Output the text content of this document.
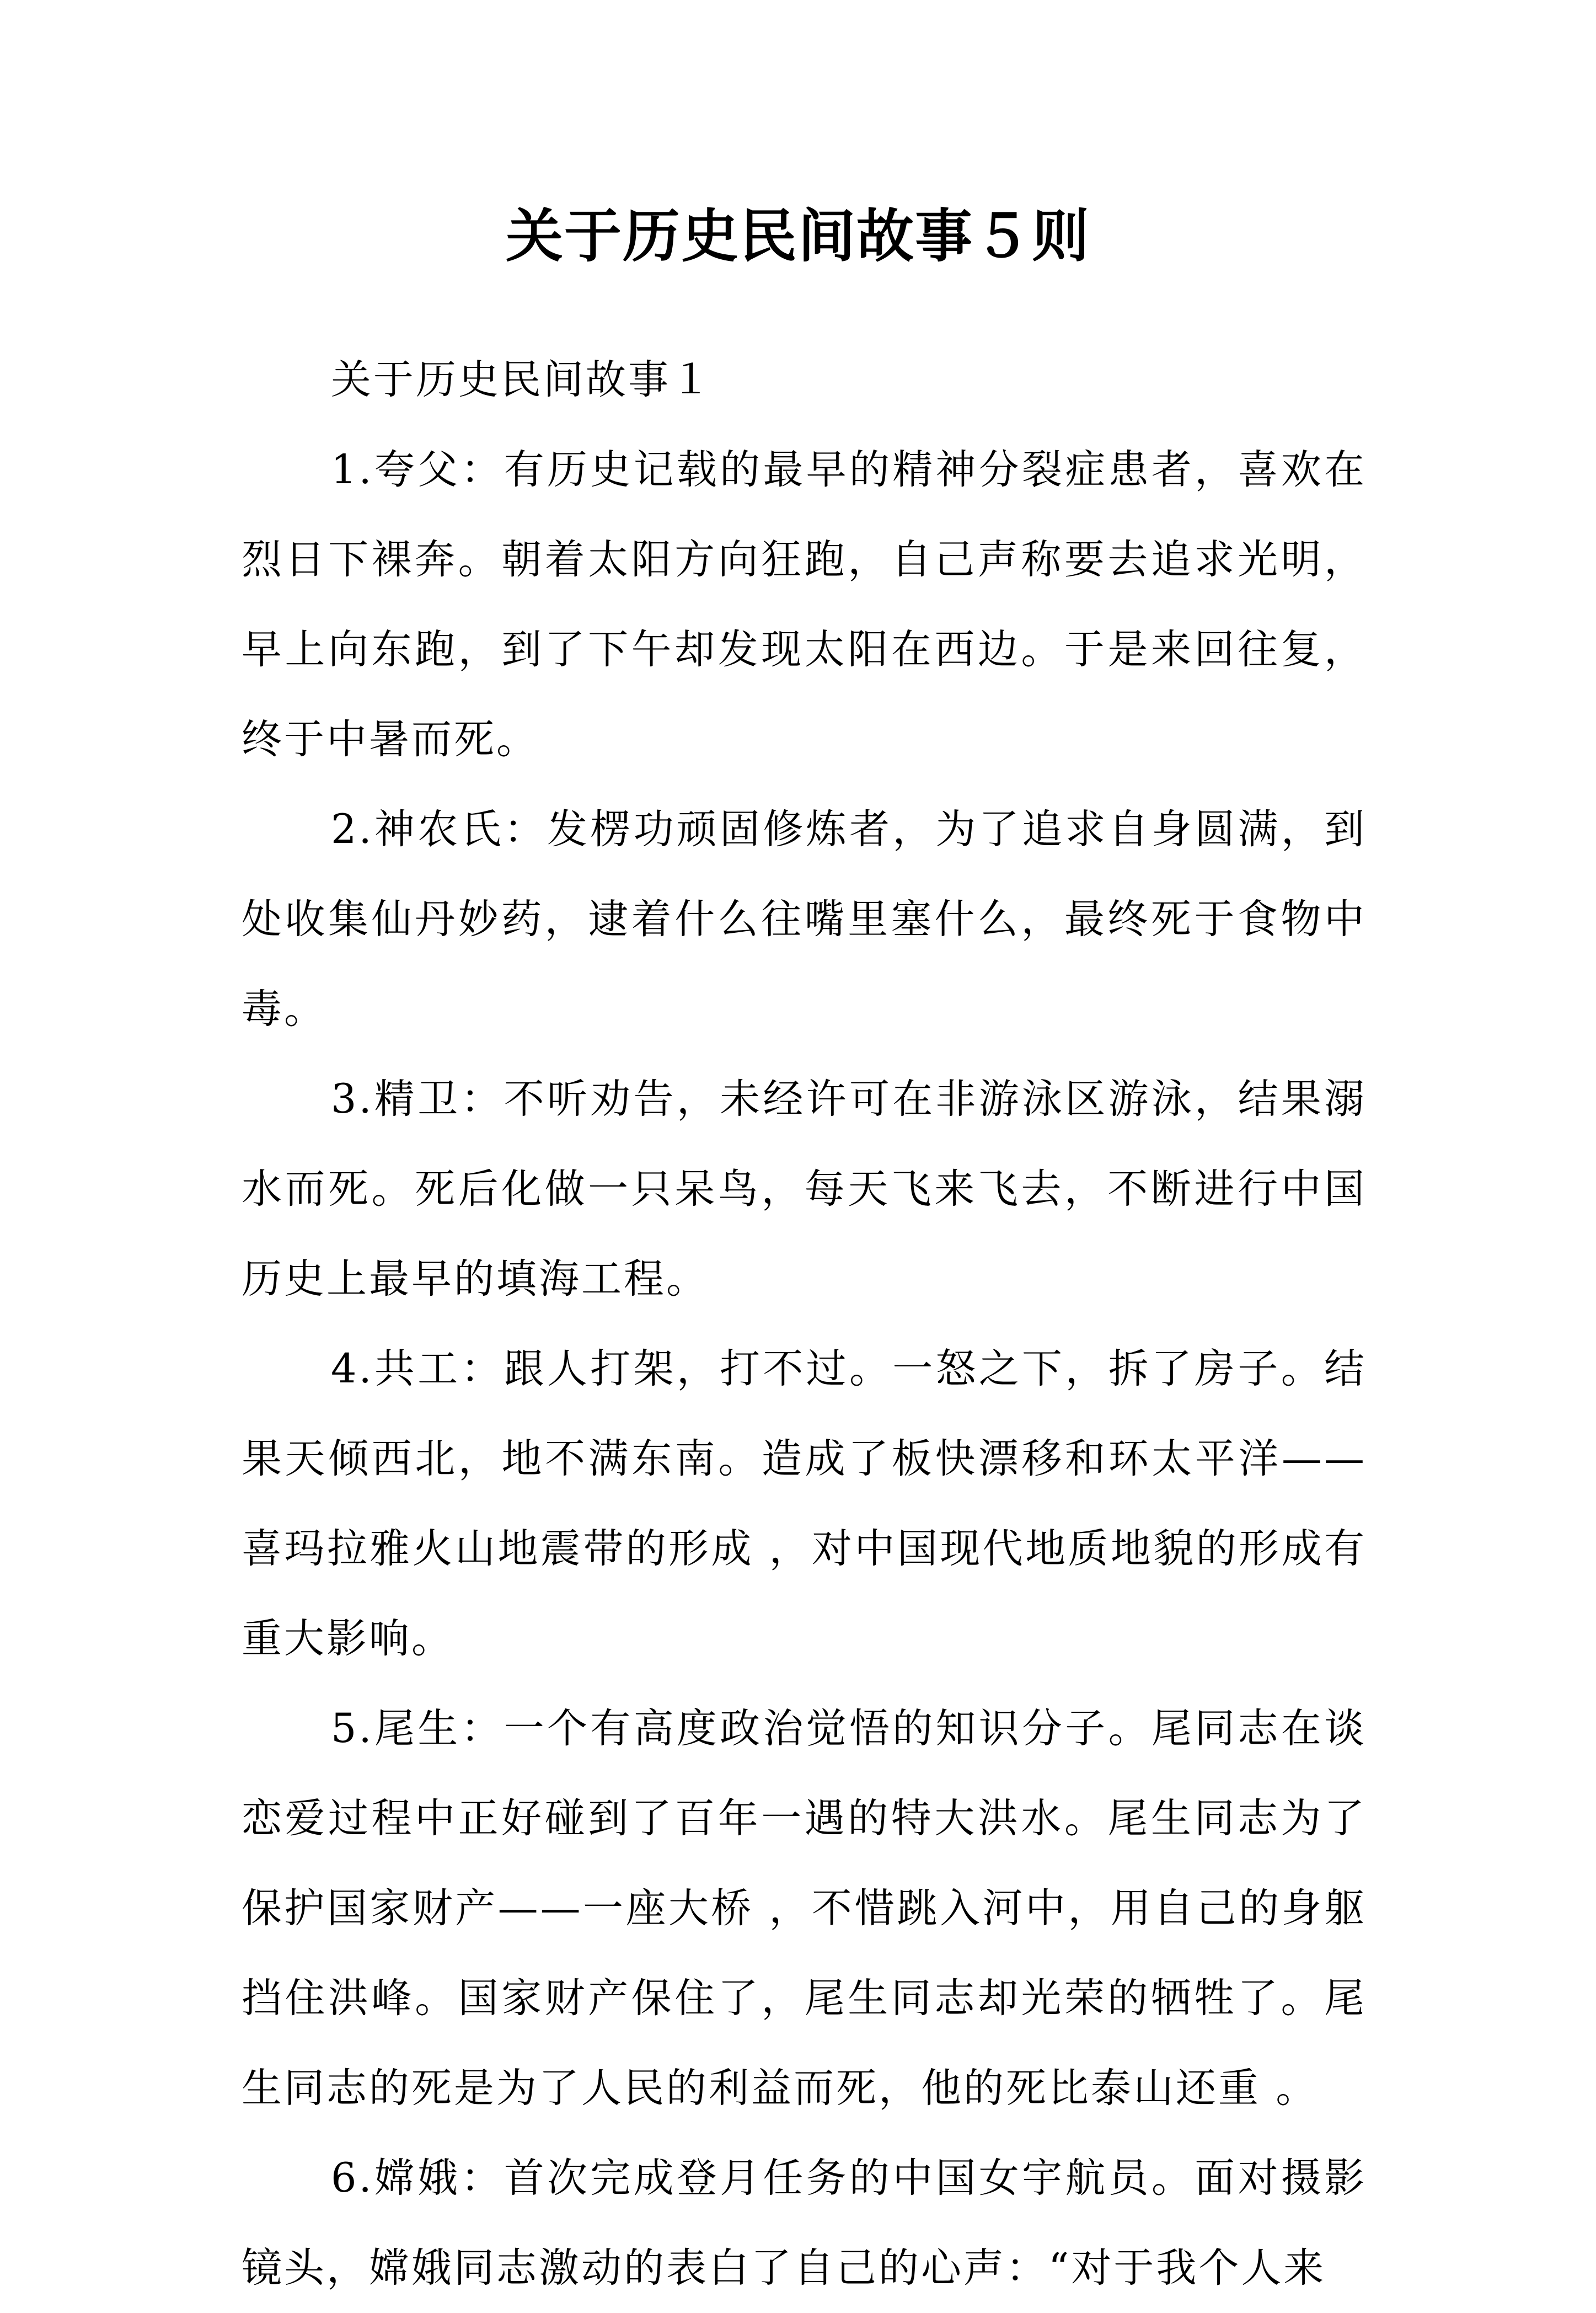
关于历史民间故事５则

关于历史民间故事１

1.夸父：有历史记载的最早的精神分裂症患者，喜欢在烈日下裸奔。朝着太阳方向狂跑，自己声称要去追求光明，早上向东跑，到了下午却发现太阳在西边。于是来回往复，终于中暑而死。

2.神农氏：发楞功顽固修炼者，为了追求自身圆满，到处收集仙丹妙药，逮着什么往嘴里塞什么，最终死于食物中毒。

3.精卫：不听劝告，未经许可在非游泳区游泳，结果溺水而死。死后化做一只呆鸟，每天飞来飞去，不断进行中国历史上最早的填海工程。

4.共工：跟人打架，打不过。一怒之下，拆了房子。结果天倾西北，地不满东南。造成了板快漂移和环太平洋——喜玛拉雅火山地震带的形成 ，对中国现代地质地貌的形成有重大影响。

5.尾生：一个有高度政治觉悟的知识分子。尾同志在谈恋爱过程中正好碰到了百年一遇的特大洪水。尾生同志为了保护国家财产——一座大桥 ，不惜跳入河中，用自己的身躯挡住洪峰。国家财产保住了，尾生同志却光荣的牺牲了。尾生同志的死是为了人民的利益而死，他的死比泰山还重 。

6.嫦娥：首次完成登月任务的中国女宇航员。面对摄影镜头，嫦娥同志激动的表白了自己的心声：“对于我个人来
